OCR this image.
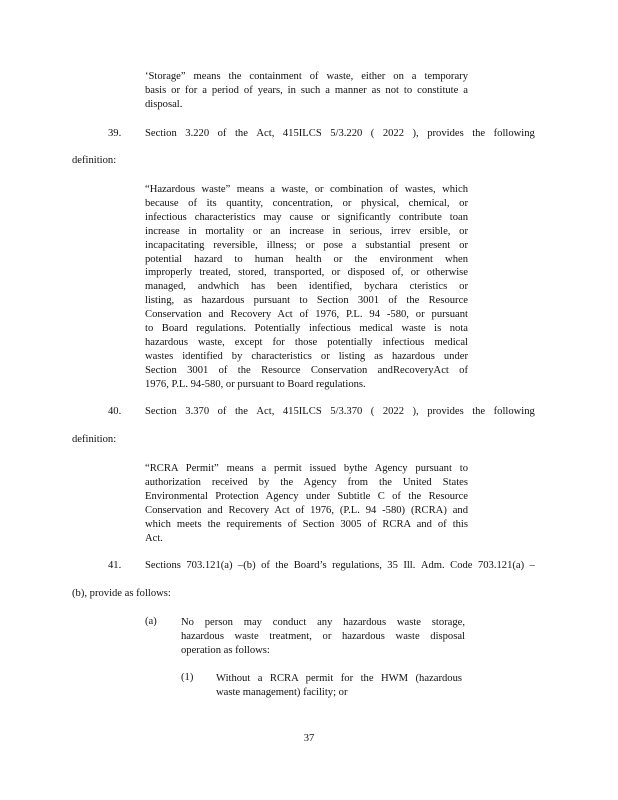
‘Storage” means the containment of waste, either on a temporary
basis or for a period of years, in such a manner as not to constitute a
disposal.
39. Section 3.220 of the Act, 415ILCS 5/3.220 ( 2022 ), provides the following
definition:
“Hazardous waste” means a waste, or combination of wastes, which
because of its quantity, concentration, or physical, chemical, or
infectious characteristics may cause or significantly contribute toan
increase in mortality or an increase in serious, irrev ersible, or
incapacitating reversible, illness; or pose a substantial present or
potential hazard to human health or the environment when
improperly treated, stored, transported, or disposed of, or otherwise
managed, andwhich has been identified, bychara cteristics or
listing, as hazardous pursuant to Section 3001 of the Resource
Conservation and Recovery Act of 1976, P.L. 94 -580, or pursuant
to Board regulations. Potentially infectious medical waste is nota
hazardous waste, except for those potentially infectious medical
wastes identified by characteristics or listing as hazardous under
Section 3001 of the Resource Conservation andRecoveryAct of
1976, P.L. 94-580, or pursuant to Board regulations.
40. Section 3.370 of the Act, 415ILCS 5/3.370 ( 2022 ), provides the following
definition:
“RCRA Permit” means a permit issued bythe Agency pursuant to
authorization received by the Agency from the United States
Environmental Protection Agency under Subtitle C of the Resource
Conservation and Recovery Act of 1976, (P.L. 94 -580) (RCRA) and
which meets the requirements of Section 3005 of RCRA and of this
Act.
41. Sections 703.121(a) –(b) of the Board’s regulations, 35 Ill. Adm. Code 703.121(a) –
(b), provide as follows:
(a) No person may conduct any hazardous waste storage,
hazardous waste treatment, or hazardous waste disposal
operation as follows:
(1) Without a RCRA permit for the HWM (hazardous
waste management) facility; or
37
